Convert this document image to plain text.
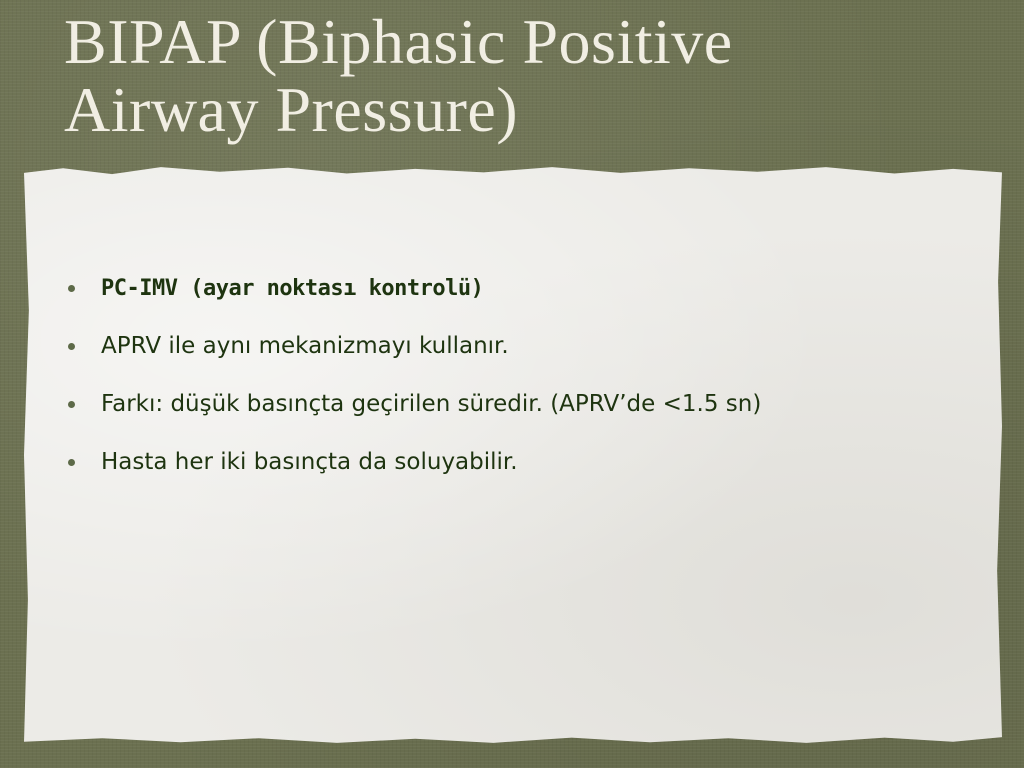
BIPAP (Biphasic Positive
Airway Pressure)
PC-IMV (ayar noktası kontrolü)
APRV ile aynı mekanizmayı kullanır.
Farkı: düşük basınçta geçirilen süredir. (APRV’de <1.5 sn)
Hasta her iki basınçta da soluyabilir.
